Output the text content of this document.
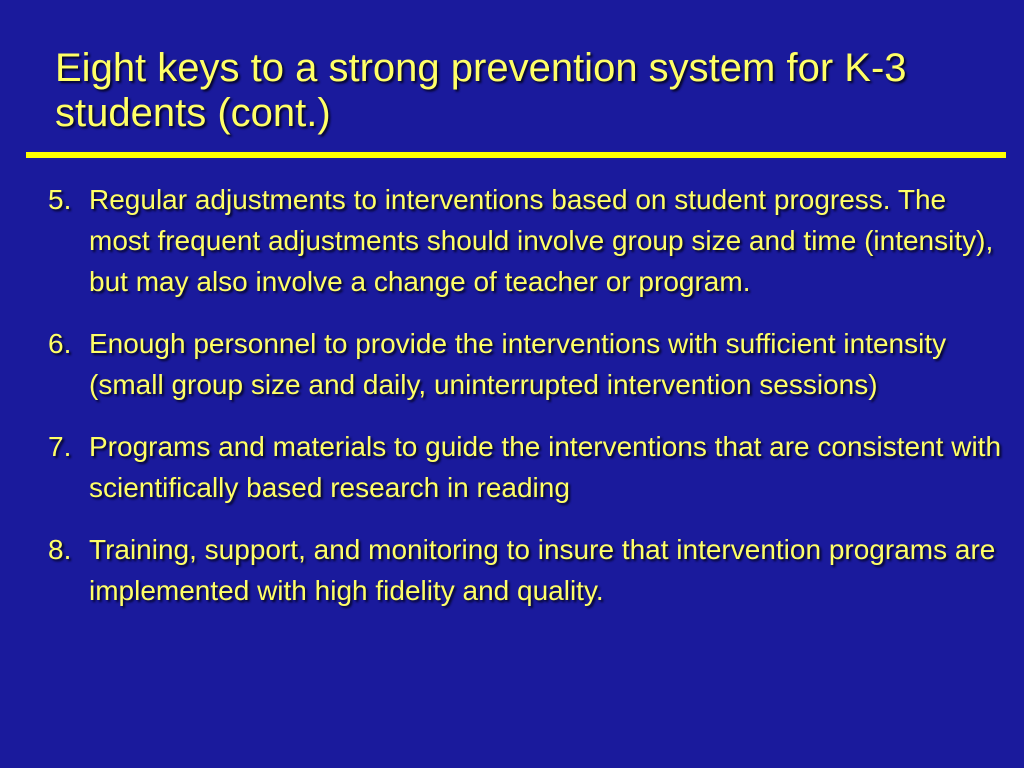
Eight keys to a strong prevention system for K-3 students (cont.)
5. Regular adjustments to interventions based on student progress. The most frequent adjustments should involve group size and time (intensity), but may also involve a change of teacher or program.
6. Enough personnel to provide the interventions with sufficient intensity (small group size and daily, uninterrupted intervention sessions)
7. Programs and materials to guide the interventions that are consistent with scientifically based research in reading
8. Training, support, and monitoring to insure that intervention programs are implemented with high fidelity and quality.
